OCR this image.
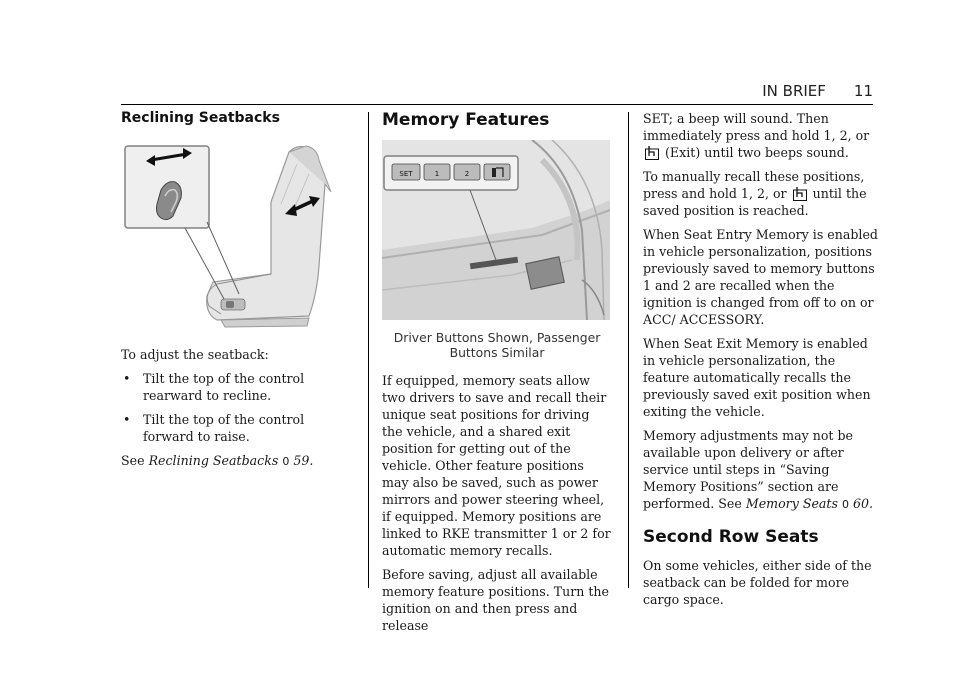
IN BRIEF 11
Reclining Seatbacks

To adjust the seatback:

• Tilt the top of the control rearward to recline.
• Tilt the top of the control forward to raise.

See Reclining Seatbacks 0 59.

Memory Features
SET	1	2
Driver Buttons Shown, Passenger
Buttons Similar

If equipped, memory seats allow two drivers to save and recall their unique seat positions for driving the vehicle, and a shared exit position for getting out of the vehicle. Other feature positions may also be saved, such as power mirrors and power steering wheel, if equipped. Memory positions are linked to RKE transmitter 1 or 2 for automatic memory recalls.

Before saving, adjust all available memory feature positions. Turn the ignition on and then press and release

SET; a beep will sound. Then immediately press and hold 1, 2, or  (Exit) until two beeps sound.

To manually recall these positions, press and hold 1, 2, or until the saved position is reached.

When Seat Entry Memory is enabled in vehicle personalization, positions previously saved to memory buttons 1 and 2 are recalled when the ignition is changed from off to on or ACC/ ACCESSORY.

When Seat Exit Memory is enabled in vehicle personalization, the feature automatically recalls the previously saved exit position when exiting the vehicle.

Memory adjustments may not be available upon delivery or after service until steps in “Saving Memory Positions” section are performed. See Memory Seats 0 60.

Second Row Seats

On some vehicles, either side of the seatback can be folded for more cargo space.
